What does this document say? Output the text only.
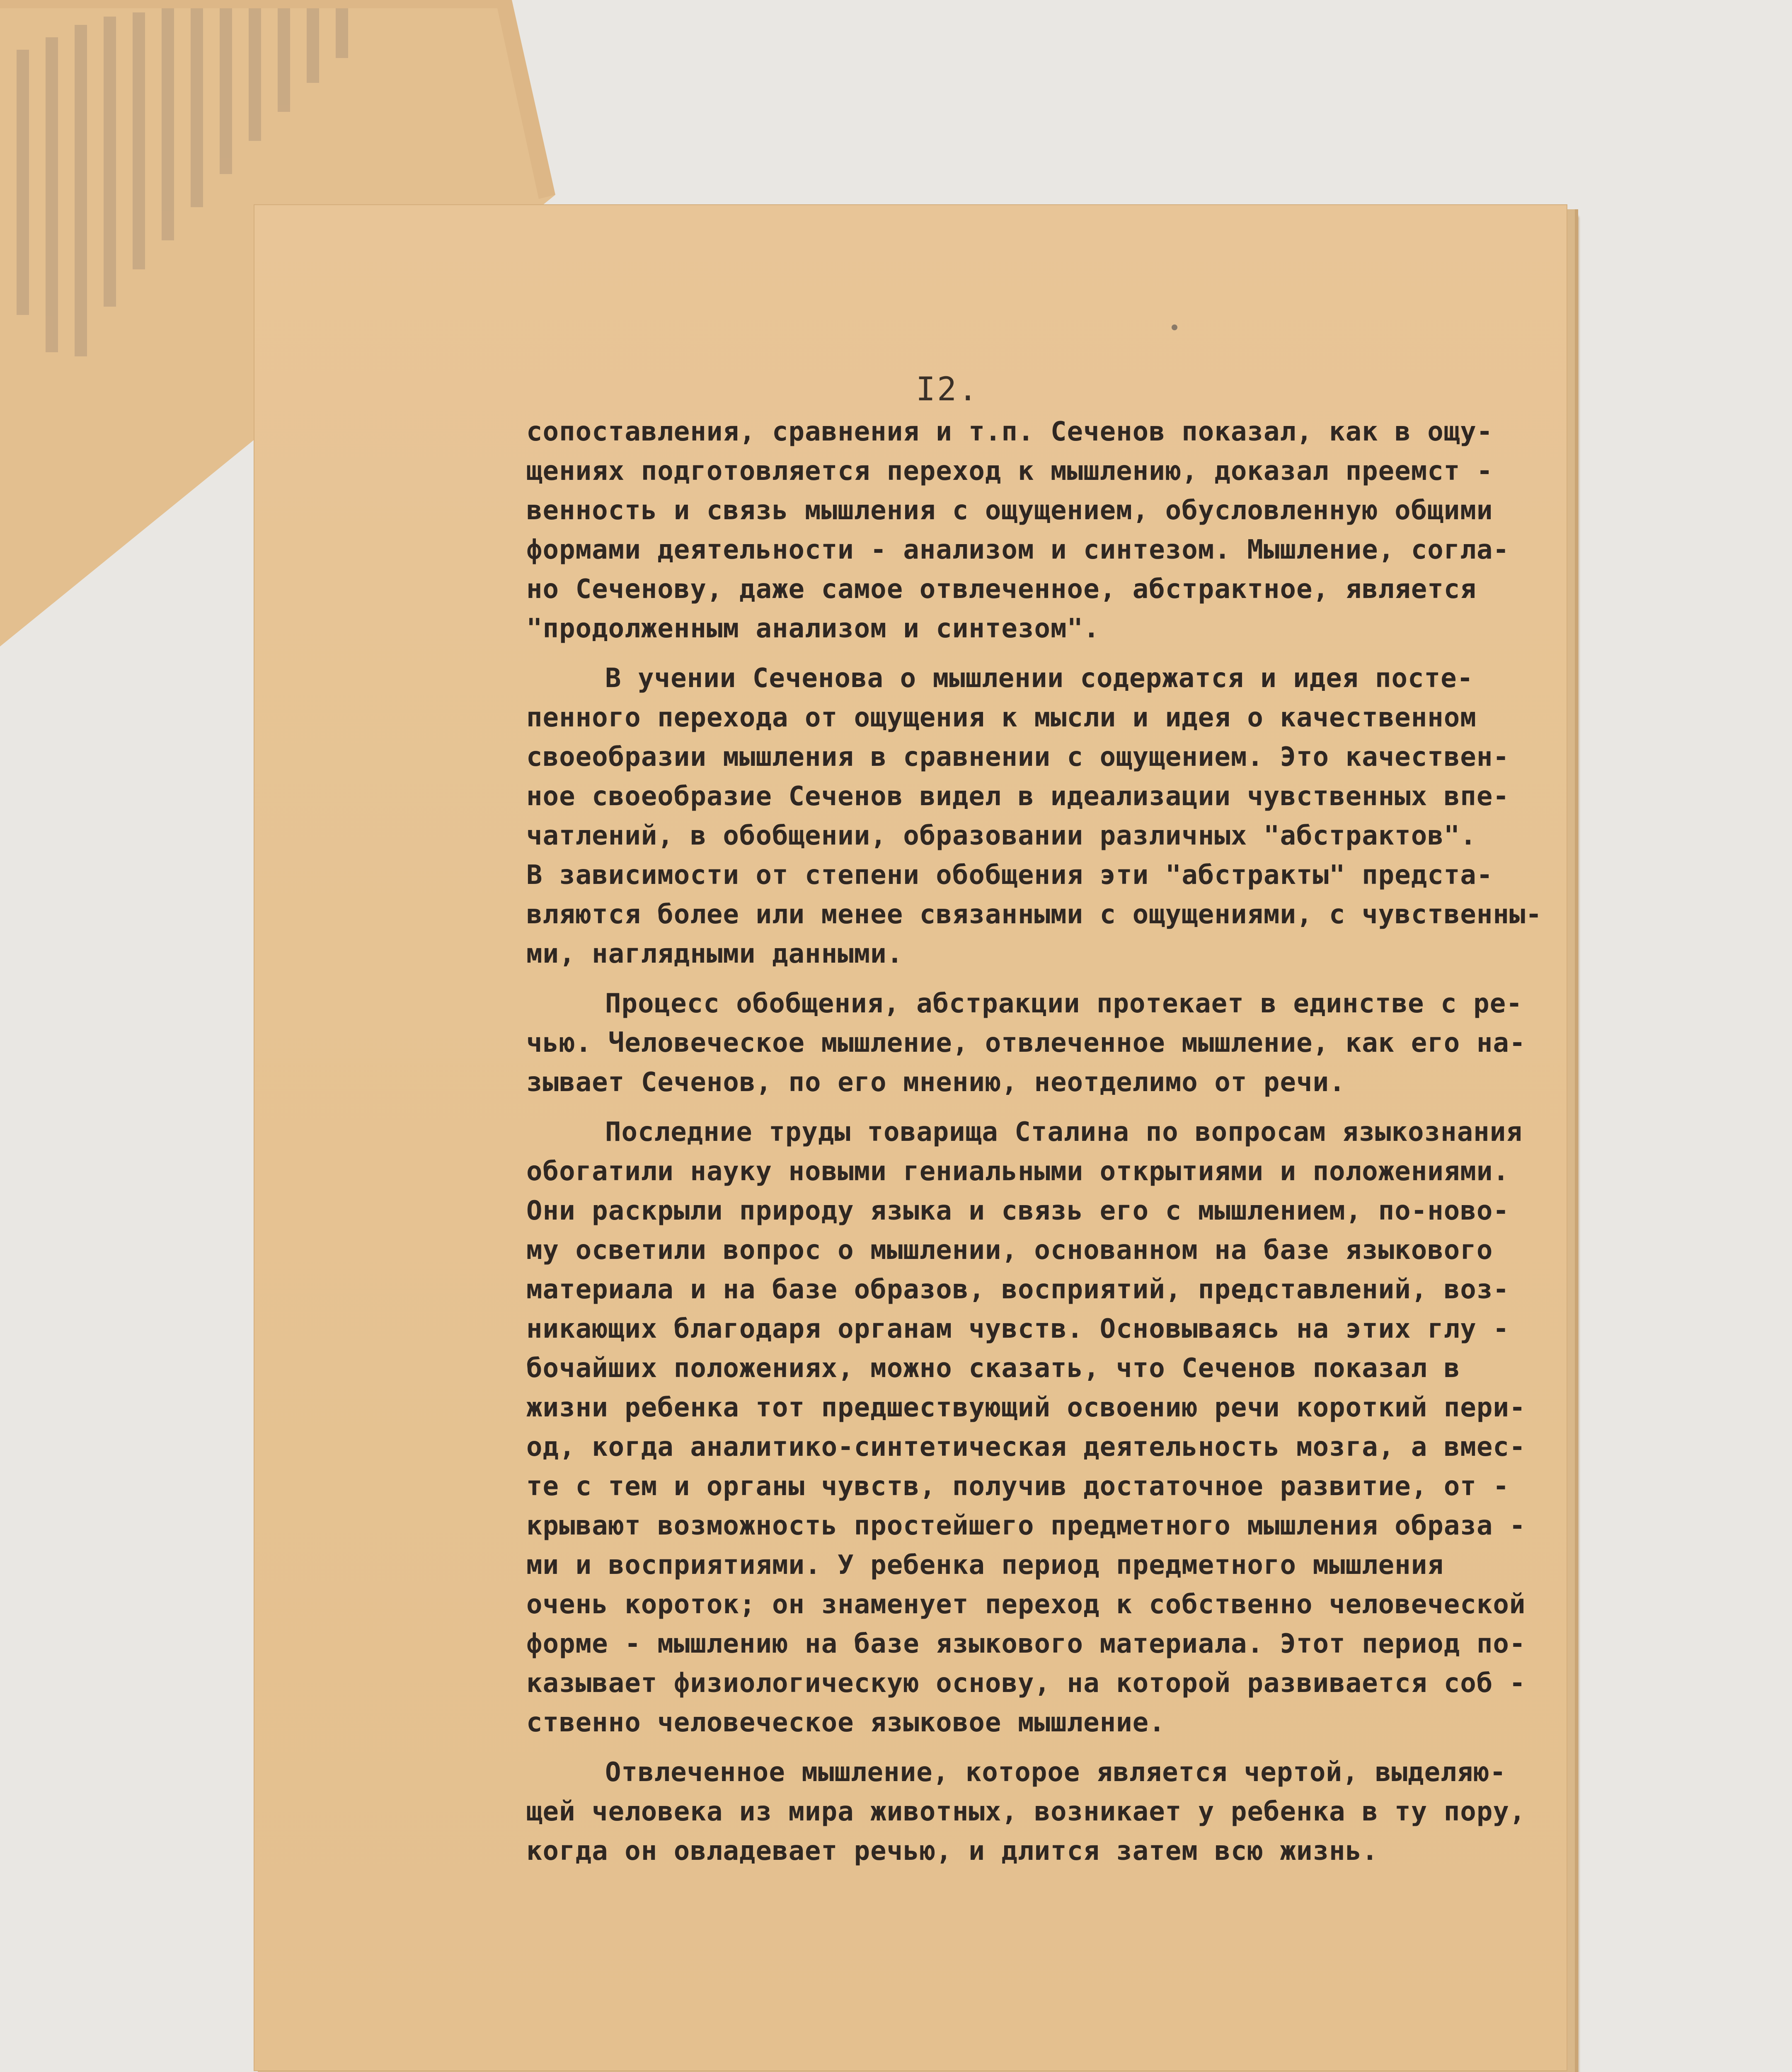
I2.
сопоставления, сравнения и т.п. Сеченов показал, как в ощу-
щениях подготовляется переход к мышлению, доказал преемст -
венность и связь мышления с ощущением, обусловленную общими
формами деятельности - анализом и синтезом. Мышление, согла-
но Сеченову, даже самое отвлеченное, абстрактное, является
"продолженным анализом и синтезом".
В учении Сеченова о мышлении содержатся и идея посте-
пенного перехода от ощущения к мысли и идея о качественном
своеобразии мышления в сравнении с ощущением. Это качествен-
ное своеобразие Сеченов видел в идеализации чувственных впе-
чатлений, в обобщении, образовании различных "абстрактов".
В зависимости от степени обобщения эти "абстракты" предста-
вляются более или менее связанными с ощущениями, с чувственны-
ми, наглядными данными.
Процесс обобщения, абстракции протекает в единстве с ре-
чью. Человеческое мышление, отвлеченное мышление, как его на-
зывает Сеченов, по его мнению, неотделимо от речи.
Последние труды товарища Сталина по вопросам языкознания
обогатили науку новыми гениальными открытиями и положениями.
Они раскрыли природу языка и связь его с мышлением, по-ново-
му осветили вопрос о мышлении, основанном на базе языкового
материала и на базе образов, восприятий, представлений, воз-
никающих благодаря органам чувств. Основываясь на этих глу -
бочайших положениях, можно сказать, что Сеченов показал в
жизни ребенка тот предшествующий освоению речи короткий пери-
од, когда аналитико-синтетическая деятельность мозга, а вмес-
те с тем и органы чувств, получив достаточное развитие, от -
крывают возможность простейшего предметного мышления образа -
ми и восприятиями. У ребенка период предметного мышления
очень короток; он знаменует переход к собственно человеческой
форме - мышлению на базе языкового материала. Этот период по-
казывает физиологическую основу, на которой развивается соб -
ственно человеческое языковое мышление.
Отвлеченное мышление, которое является чертой, выделяю-
щей человека из мира животных, возникает у ребенка в ту пору,
когда он овладевает речью, и длится затем всю жизнь.
